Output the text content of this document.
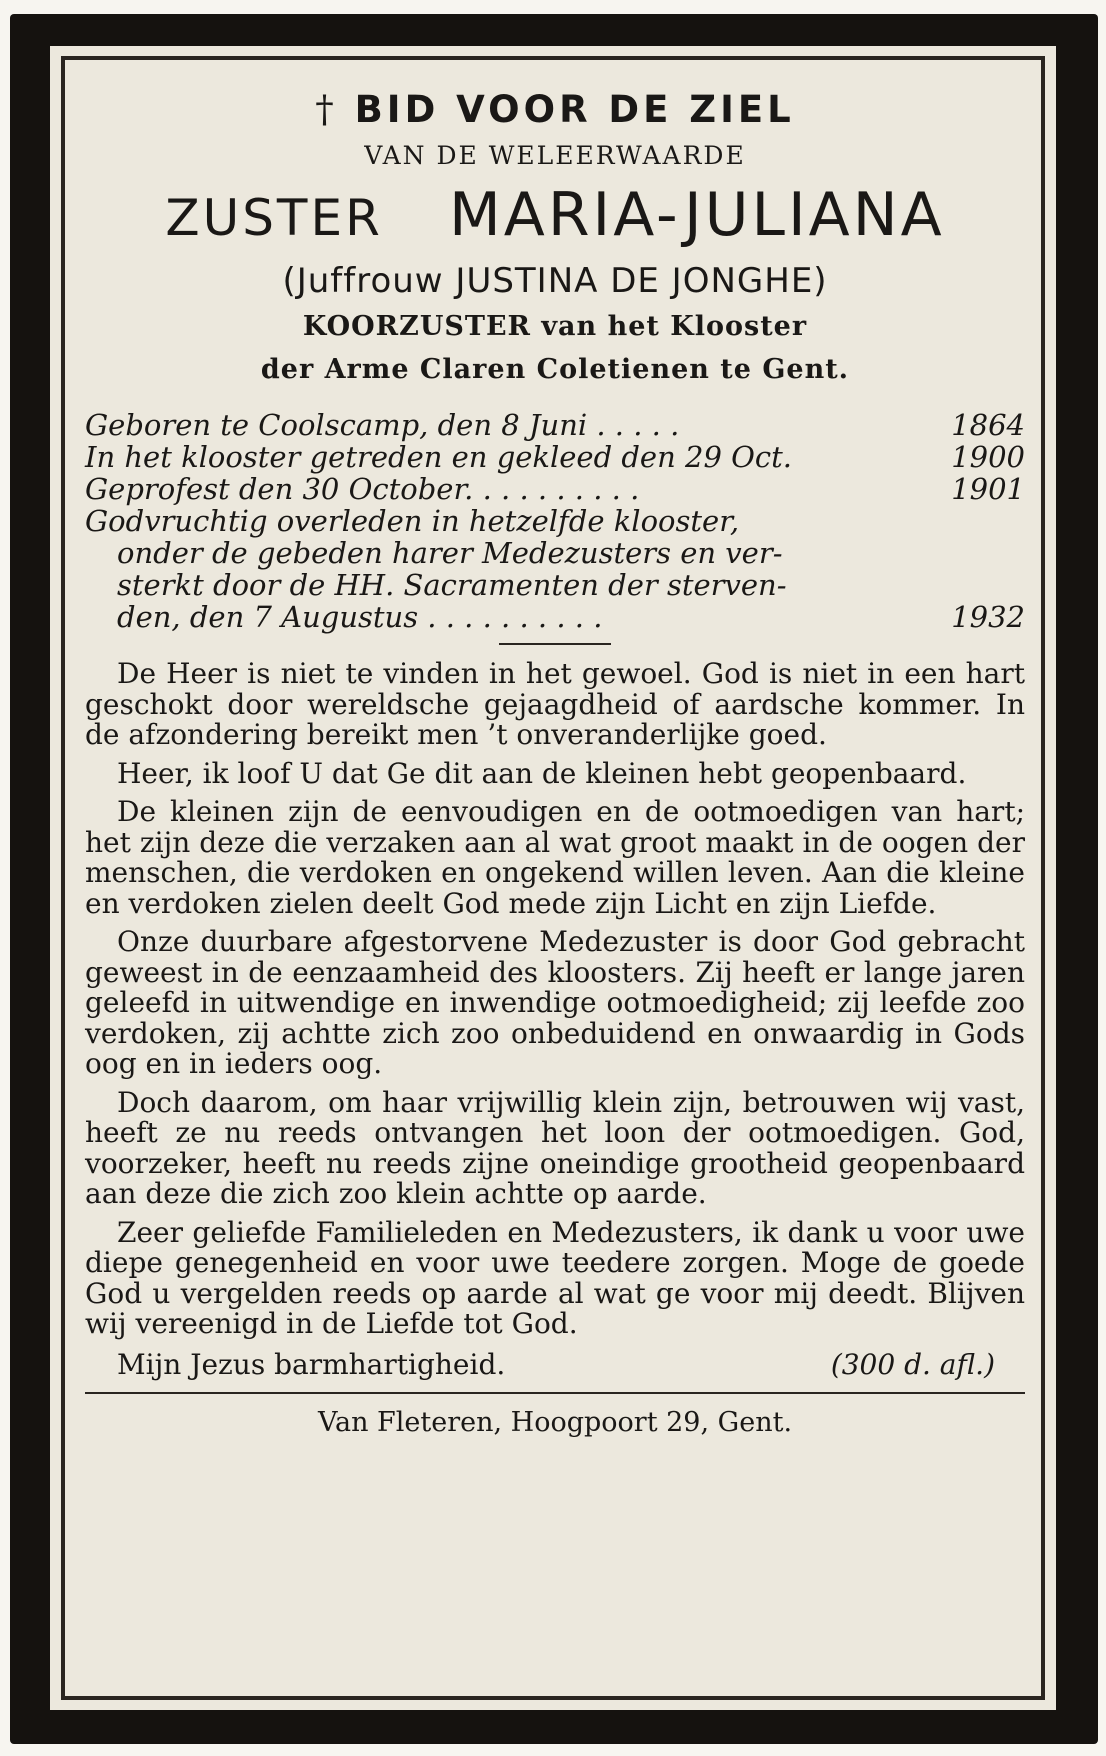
† BID VOOR DE ZIEL
VAN DE WELEERWAARDE
ZUSTER MARIA-JULIANA
(Juffrouw JUSTINA DE JONGHE)
KOORZUSTER van het Klooster
der Arme Claren Coletienen te Gent.
Geboren te Coolscamp, den 8 Juni . . . . .	1864
In het klooster getreden en gekleed den 29 Oct.	1900
Geprofest den 30 October. . . . . . . . . .	1901
Godvruchtig overleden in hetzelfde klooster,
onder de gebeden harer Medezusters en ver-
sterkt door de HH. Sacramenten der sterven-
den, den 7 Augustus . . . . . . . . . .	1932

De Heer is niet te vinden in het gewoel. God is niet in een hart geschokt door wereldsche gejaagdheid of aardsche kommer. In de afzondering bereikt men ’t onveranderlijke goed.

Heer, ik loof U dat Ge dit aan de kleinen hebt geopenbaard.

De kleinen zijn de eenvoudigen en de ootmoedigen van hart; het zijn deze die verzaken aan al wat groot maakt in de oogen der menschen, die verdoken en ongekend willen leven. Aan die kleine en verdoken zielen deelt God mede zijn Licht en zijn Liefde.

Onze duurbare afgestorvene Medezuster is door God gebracht geweest in de eenzaamheid des kloosters. Zij heeft er lange jaren geleefd in uitwendige en inwendige ootmoedigheid; zij leefde zoo verdoken, zij achtte zich zoo onbeduidend en onwaardig in Gods oog en in ieders oog.

Doch daarom, om haar vrijwillig klein zijn, betrouwen wij vast, heeft ze nu reeds ontvangen het loon der ootmoedigen. God, voorzeker, heeft nu reeds zijne oneindige grootheid geopenbaard aan deze die zich zoo klein achtte op aarde.

Zeer geliefde Familieleden en Medezusters, ik dank u voor uwe diepe genegenheid en voor uwe teedere zorgen. Moge de goede God u vergelden reeds op aarde al wat ge voor mij deedt. Blijven wij vereenigd in de Liefde tot God.

Mijn Jezus barmhartigheid.	(300 d. afl.)
Van Fleteren, Hoogpoort 29, Gent.
